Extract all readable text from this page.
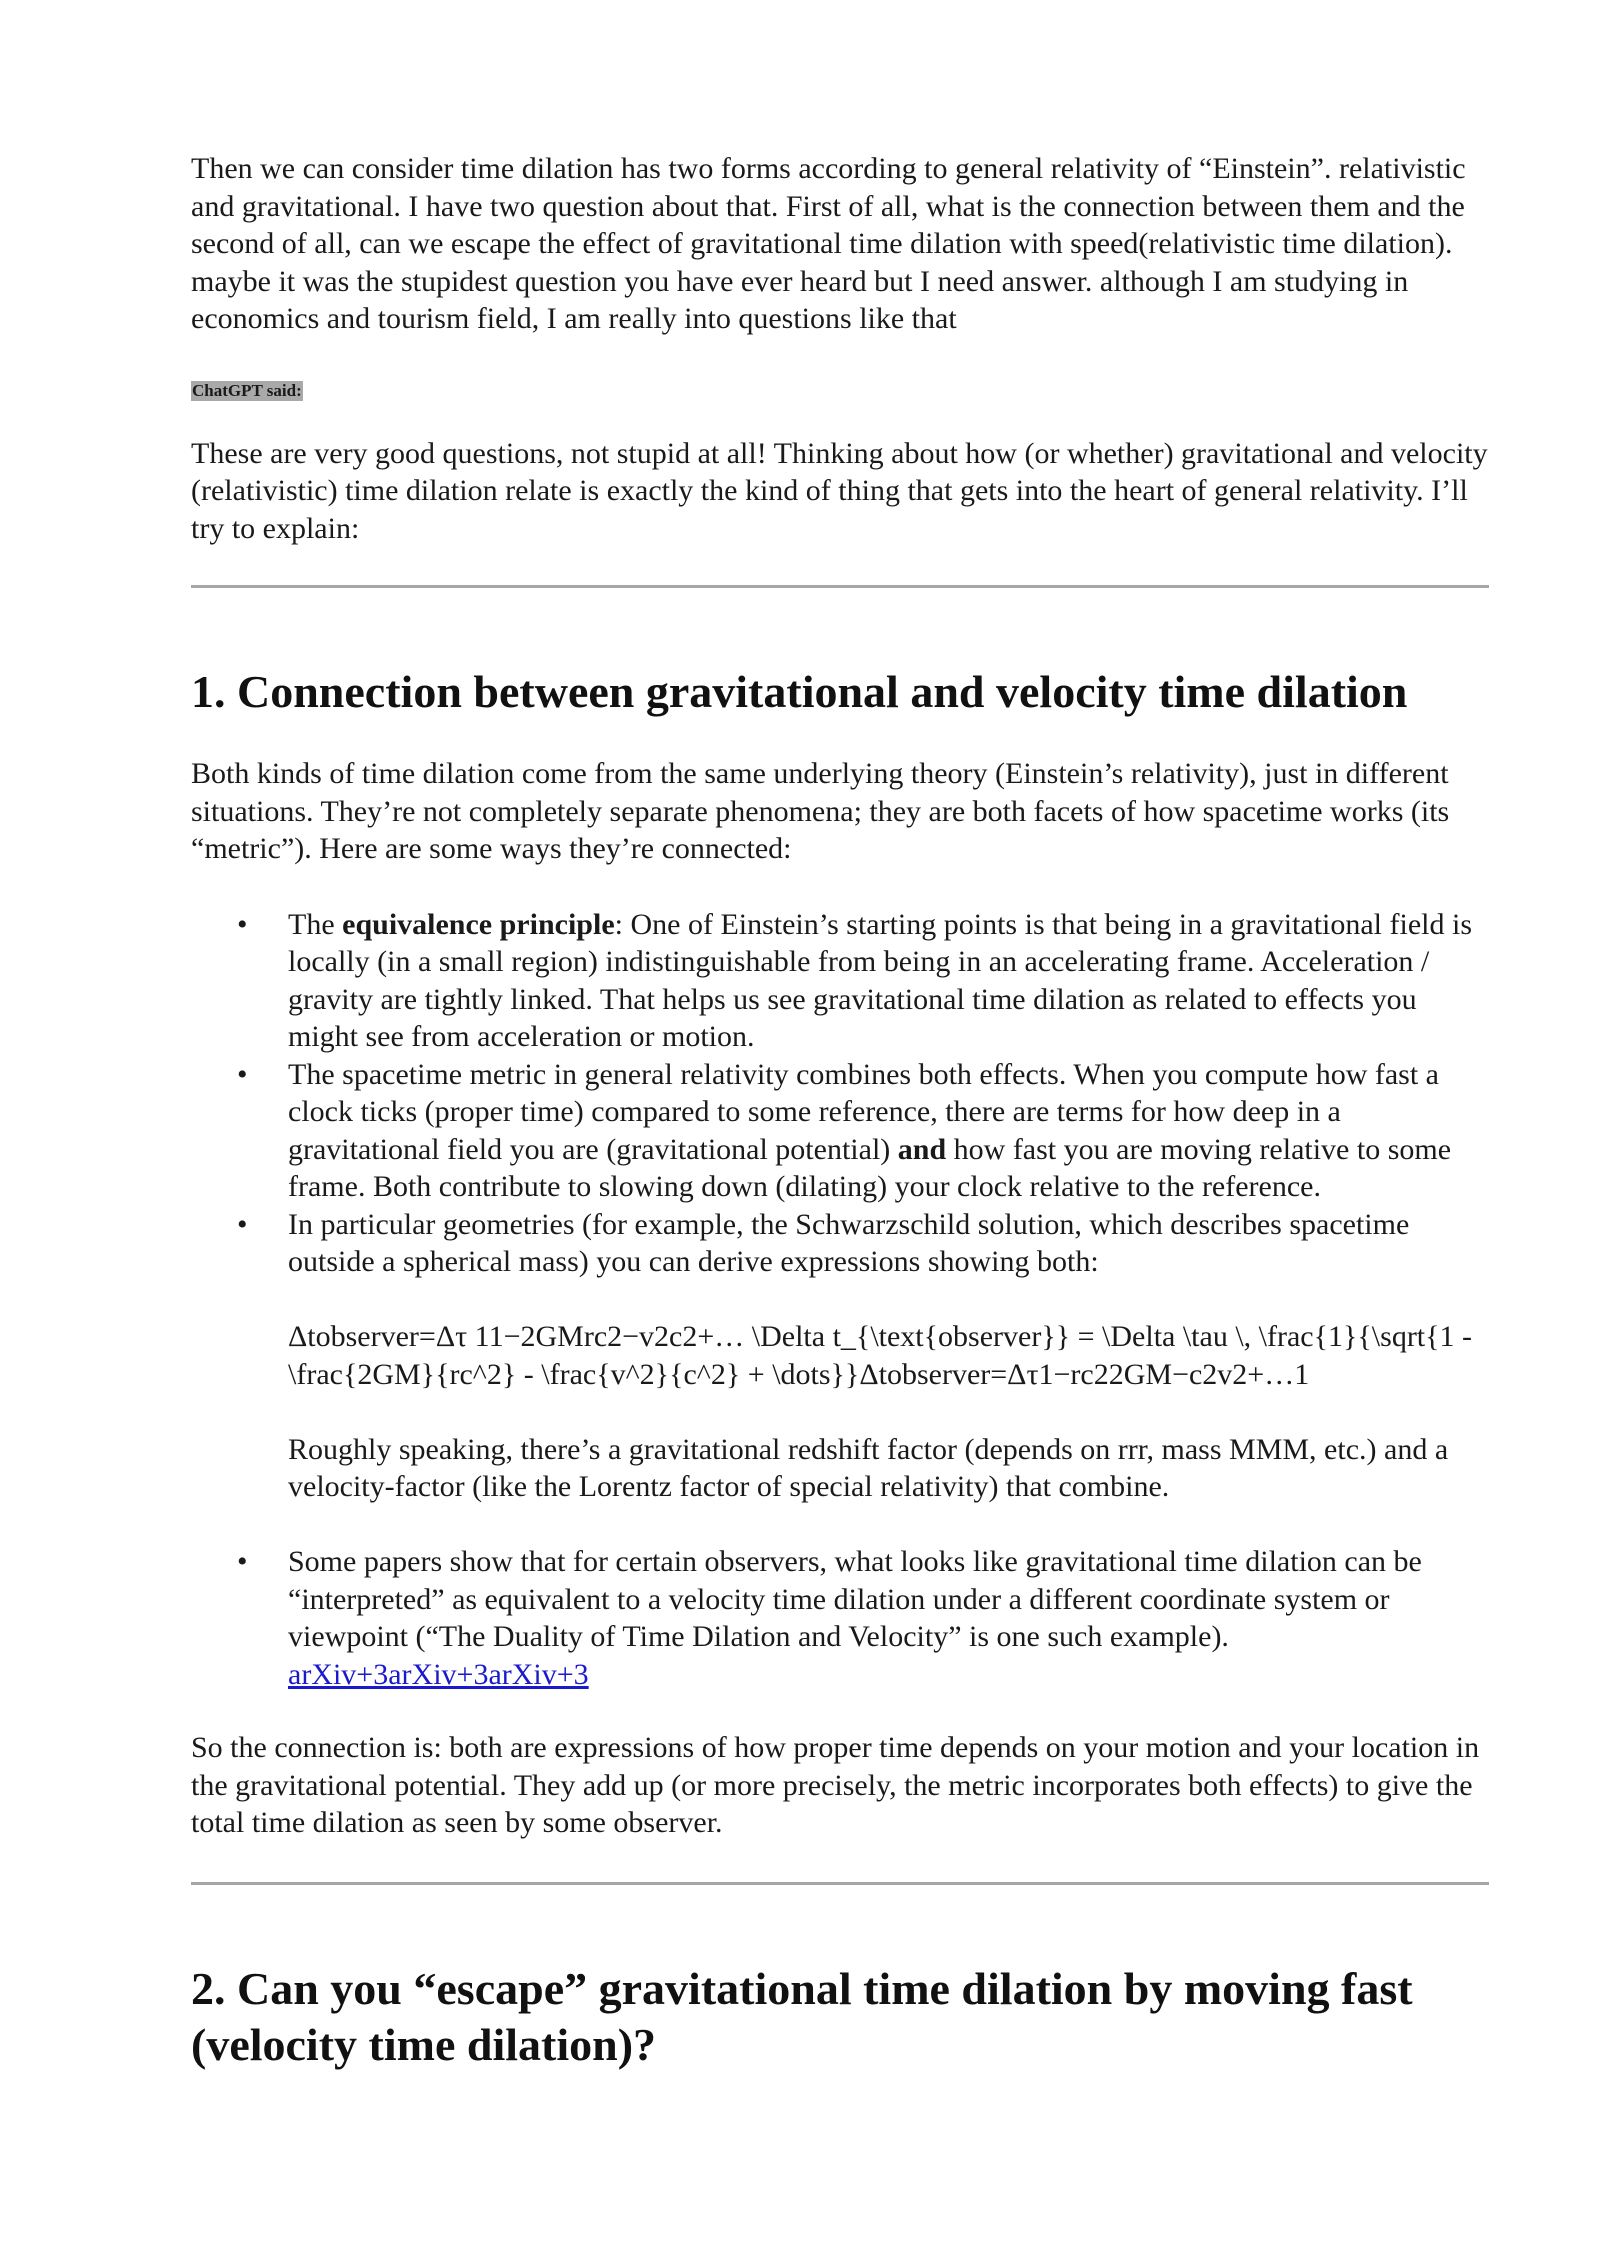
Then we can consider time dilation has two forms according to general relativity of “Einstein”. relativistic and gravitational. I have two question about that. First of all, what is the connection between them and the second of all, can we escape the effect of gravitational time dilation with speed(relativistic time dilation). maybe it was the stupidest question you have ever heard but I need answer. although I am studying in economics and tourism field, I am really into questions like that

ChatGPT said:

These are very good questions, not stupid at all! Thinking about how (or whether) gravitational and velocity (relativistic) time dilation relate is exactly the kind of thing that gets into the heart of general relativity. I’ll try to explain:

1. Connection between gravitational and velocity time dilation

Both kinds of time dilation come from the same underlying theory (Einstein’s relativity), just in different situations. They’re not completely separate phenomena; they are both facets of how spacetime works (its “metric”). Here are some ways they’re connected:

• The equivalence principle: One of Einstein’s starting points is that being in a gravitational field is locally (in a small region) indistinguishable from being in an accelerating frame. Acceleration / gravity are tightly linked. That helps us see gravitational time dilation as related to effects you might see from acceleration or motion.
• The spacetime metric in general relativity combines both effects. When you compute how fast a clock ticks (proper time) compared to some reference, there are terms for how deep in a gravitational field you are (gravitational potential) and how fast you are moving relative to some frame. Both contribute to slowing down (dilating) your clock relative to the reference.
• In particular geometries (for example, the Schwarzschild solution, which describes spacetime outside a spherical mass) you can derive expressions showing both:
Δtobserver=Δτ 11−2GMrc2−v2c2+… \Delta t_{\text{observer}} = \Delta \tau \, \frac{1}{\sqrt{1 - \frac{2GM}{rc^2} - \frac{v^2}{c^2} + \dots}}Δtobserver=Δτ1−rc22GM−c2v2+…1
Roughly speaking, there’s a gravitational redshift factor (depends on rrr, mass MMM, etc.) and a velocity-factor (like the Lorentz factor of special relativity) that combine.
• Some papers show that for certain observers, what looks like gravitational time dilation can be “interpreted” as equivalent to a velocity time dilation under a different coordinate system or viewpoint (“The Duality of Time Dilation and Velocity” is one such example).
arXiv+3arXiv+3arXiv+3

So the connection is: both are expressions of how proper time depends on your motion and your location in the gravitational potential. They add up (or more precisely, the metric incorporates both effects) to give the total time dilation as seen by some observer.

2. Can you “escape” gravitational time dilation by moving fast (velocity time dilation)?
